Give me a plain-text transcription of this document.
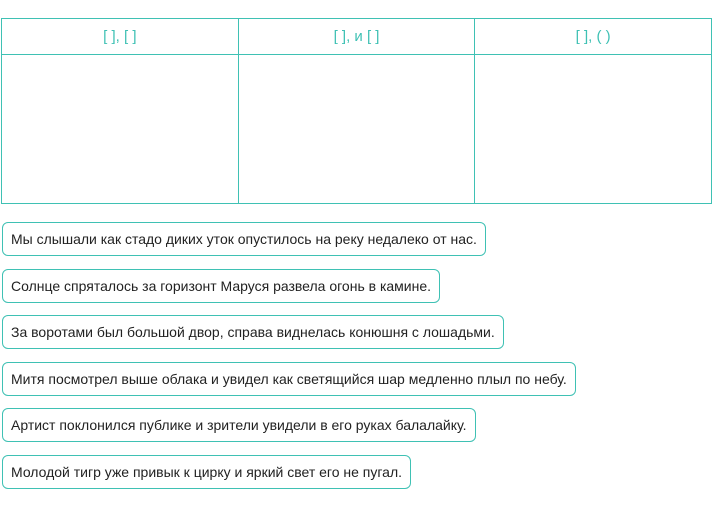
[ ], [ ]	[ ], и [ ]	[ ], ( )
Мы слышали как стадо диких уток опустилось на реку недалеко от нас.
Солнце спряталось за горизонт Маруся развела огонь в камине.
За воротами был большой двор, справа виднелась конюшня с лошадьми.
Митя посмотрел выше облака и увидел как светящийся шар медленно плыл по небу.
Артист поклонился публике и зрители увидели в его руках балалайку.
Молодой тигр уже привык к цирку и яркий свет его не пугал.
